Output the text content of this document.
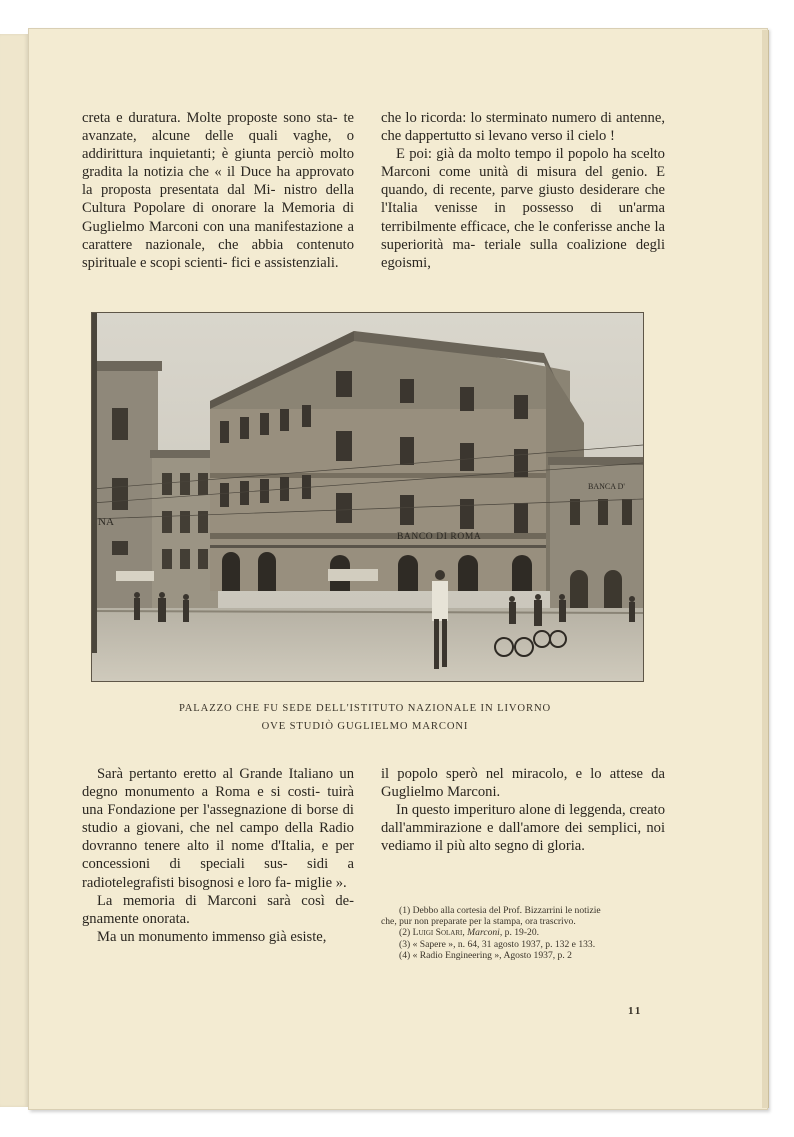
creta e duratura. Molte proposte sono sta- te avanzate, alcune delle quali vaghe, o addirittura inquietanti; è giunta perciò molto gradita la notizia che « il Duce ha approvato la proposta presentata dal Mi- nistro della Cultura Popolare di onorare la Memoria di Guglielmo Marconi con una manifestazione a carattere nazionale, che abbia contenuto spirituale e scopi scienti- fici e assistenziali.

che lo ricorda: lo sterminato numero di antenne, che dappertutto si levano verso il cielo !

E poi: già da molto tempo il popolo ha scelto Marconi come unità di misura del genio. E quando, di recente, parve giusto desiderare che l'Italia venisse in possesso di un'arma terribilmente efficace, che le conferisse anche la superiorità ma- teriale sulla coalizione degli egoismi,

NA
BANCO DI ROMA
BANCA D'
PALAZZO CHE FU SEDE DELL'ISTITUTO NAZIONALE IN LIVORNO
OVE STUDIÒ GUGLIELMO MARCONI

Sarà pertanto eretto al Grande Italiano un degno monumento a Roma e si costi- tuirà una Fondazione per l'assegnazione di borse di studio a giovani, che nel campo della Radio dovranno tenere alto il nome d'Italia, e per concessioni di speciali sus- sidi a radiotelegrafisti bisognosi e loro fa- miglie ».

La memoria di Marconi sarà così de- gnamente onorata.

Ma un monumento immenso già esiste,

il popolo sperò nel miracolo, e lo attese da Guglielmo Marconi.

In questo imperituro alone di leggenda, creato dall'ammirazione e dall'amore dei semplici, noi vediamo il più alto segno di gloria.

(1) Debbo alla cortesia del Prof. Bizzarrini le notizie
che, pur non preparate per la stampa, ora trascrivo.
(2) Luigi Solari, Marconi, p. 19-20.
(3) « Sapere », n. 64, 31 agosto 1937, p. 132 e 133.
(4) « Radio Engineering », Agosto 1937, p. 2
11
